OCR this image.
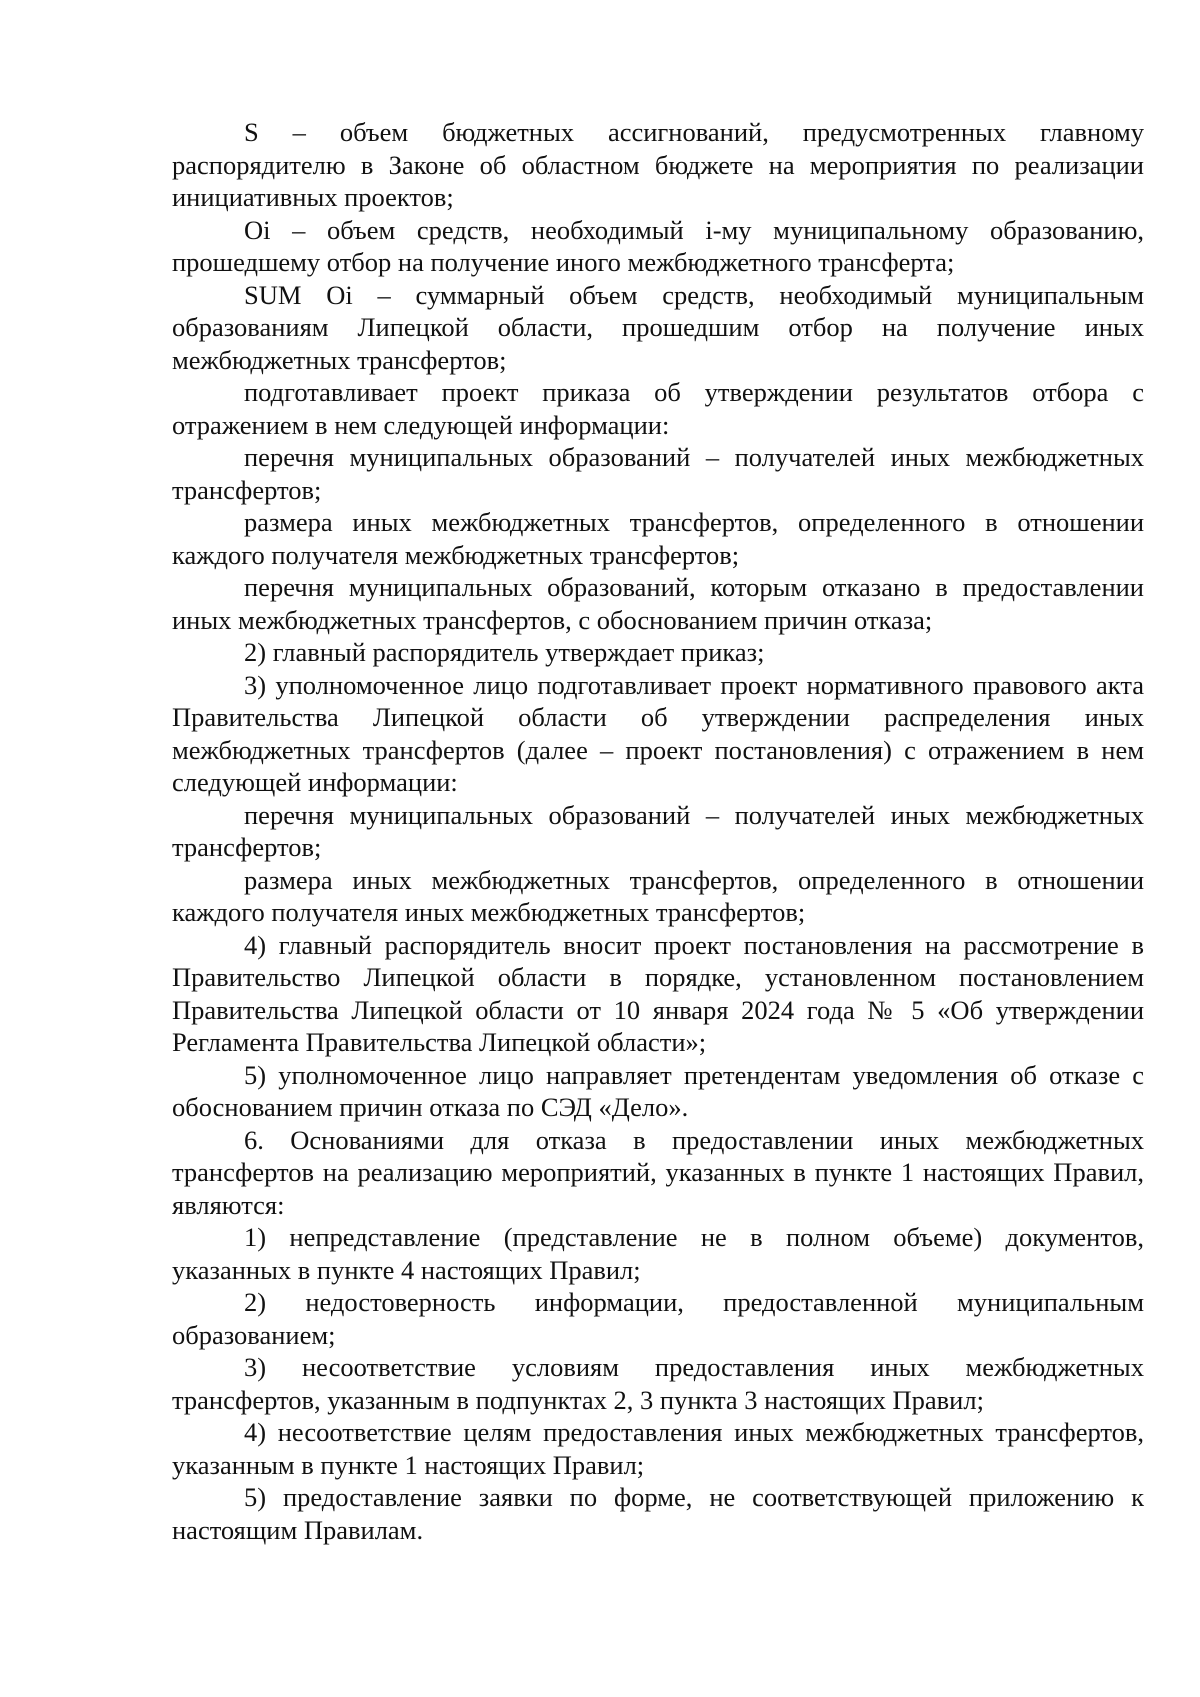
S – объем бюджетных ассигнований, предусмотренных главному распорядителю в Законе об областном бюджете на мероприятия по реализации инициативных проектов;

Oi – объем средств, необходимый i-му муниципальному образованию, прошедшему отбор на получение иного межбюджетного трансферта;

SUM Oi – суммарный объем средств, необходимый муниципальным образованиям Липецкой области, прошедшим отбор на получение иных межбюджетных трансфертов;

подготавливает проект приказа об утверждении результатов отбора с отражением в нем следующей информации:

перечня муниципальных образований – получателей иных межбюджетных трансфертов;

размера иных межбюджетных трансфертов, определенного в отношении каждого получателя межбюджетных трансфертов;

перечня муниципальных образований, которым отказано в предоставлении иных межбюджетных трансфертов, с обоснованием причин отказа;

2) главный распорядитель утверждает приказ;

3) уполномоченное лицо подготавливает проект нормативного правового акта Правительства Липецкой области об утверждении распределения иных межбюджетных трансфертов (далее – проект постановления) с отражением в нем следующей информации:

перечня муниципальных образований – получателей иных межбюджетных трансфертов;

размера иных межбюджетных трансфертов, определенного в отношении каждого получателя иных межбюджетных трансфертов;

4) главный распорядитель вносит проект постановления на рассмотрение в Правительство Липецкой области в порядке, установленном постановлением Правительства Липецкой области от 10 января 2024 года № 5 «Об утверждении Регламента Правительства Липецкой области»;

5) уполномоченное лицо направляет претендентам уведомления об отказе с обоснованием причин отказа по СЭД «Дело».

6. Основаниями для отказа в предоставлении иных межбюджетных трансфертов на реализацию мероприятий, указанных в пункте 1 настоящих Правил, являются:

1) непредставление (представление не в полном объеме) документов, указанных в пункте 4 настоящих Правил;

2) недостоверность информации, предоставленной муниципальным образованием;

3) несоответствие условиям предоставления иных межбюджетных трансфертов, указанным в подпунктах 2, 3 пункта 3 настоящих Правил;

4) несоответствие целям предоставления иных межбюджетных трансфертов, указанным в пункте 1 настоящих Правил;

5) предоставление заявки по форме, не соответствующей приложению к настоящим Правилам.
